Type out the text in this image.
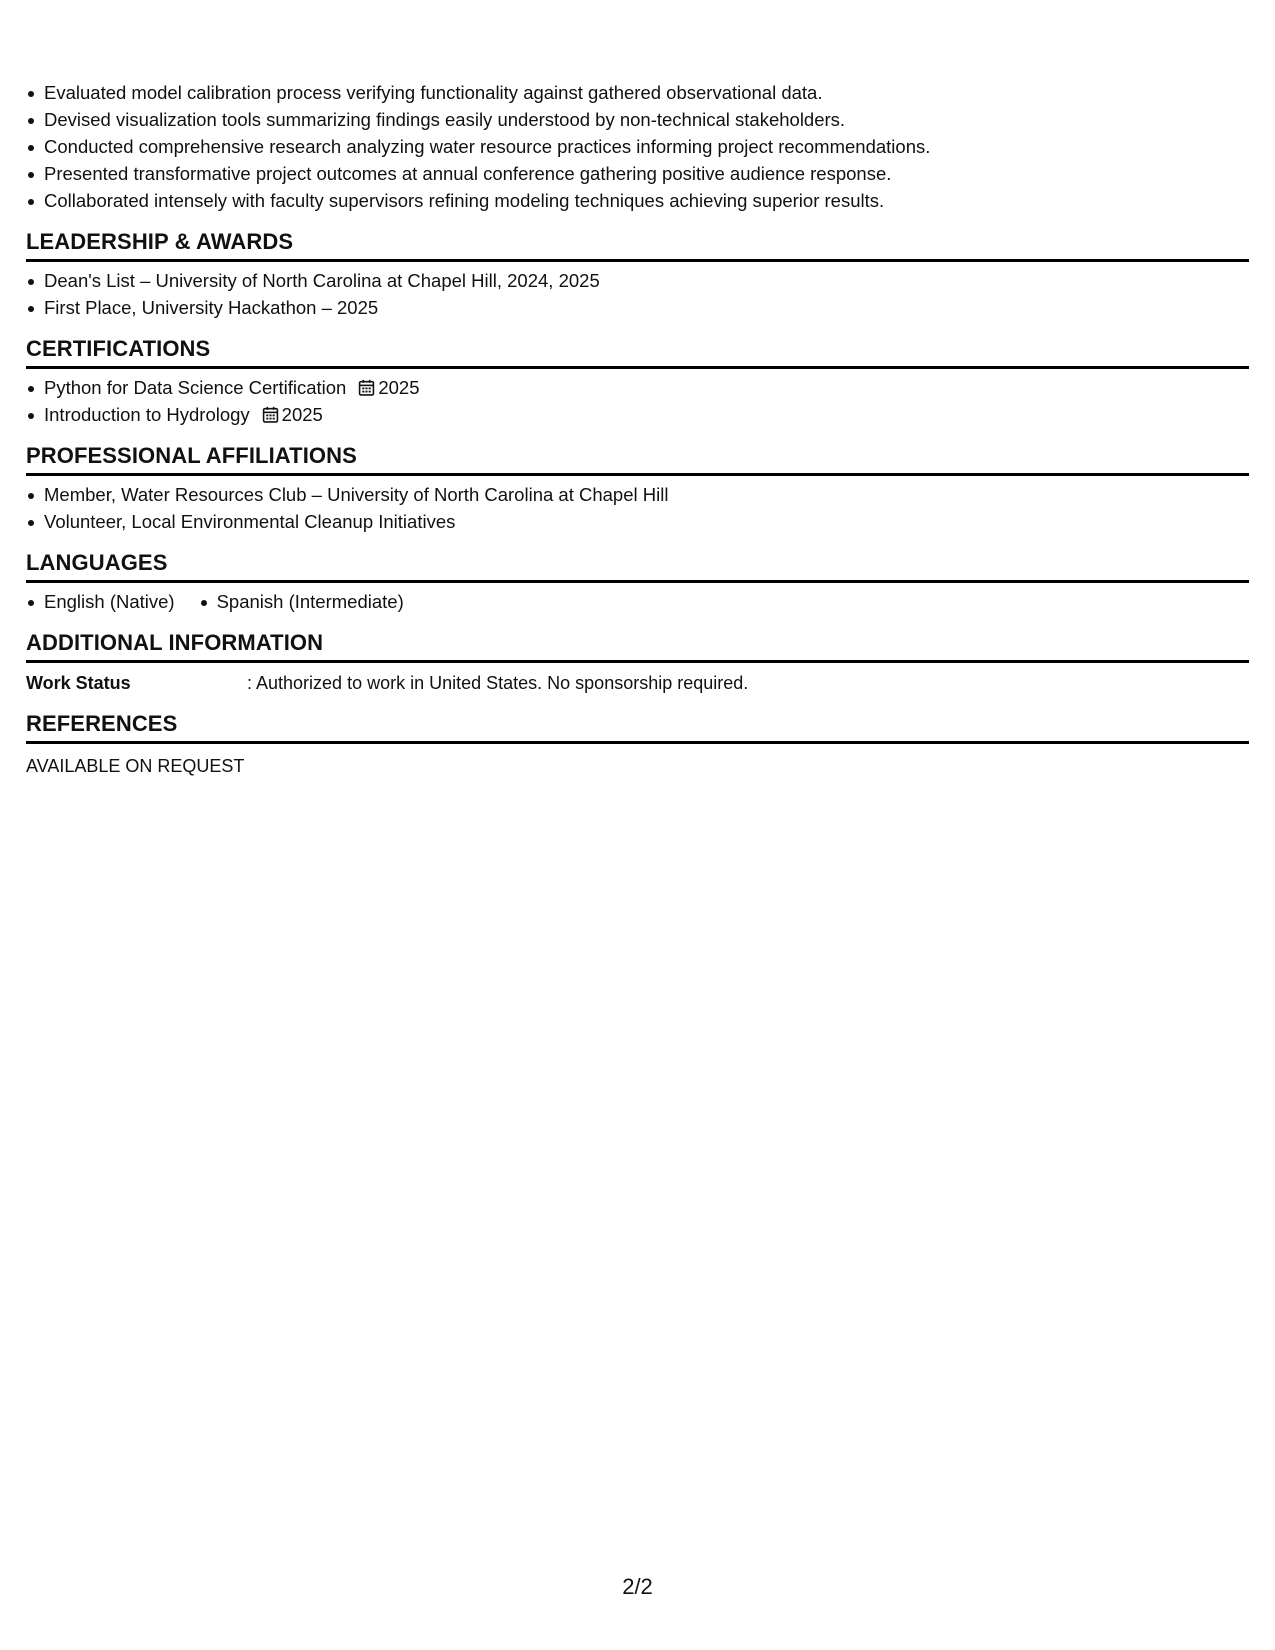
Evaluated model calibration process verifying functionality against gathered observational data.
Devised visualization tools summarizing findings easily understood by non-technical stakeholders.
Conducted comprehensive research analyzing water resource practices informing project recommendations.
Presented transformative project outcomes at annual conference gathering positive audience response.
Collaborated intensely with faculty supervisors refining modeling techniques achieving superior results.
LEADERSHIP & AWARDS
Dean's List – University of North Carolina at Chapel Hill, 2024, 2025
First Place, University Hackathon – 2025
CERTIFICATIONS
Python for Data Science Certification 2025
Introduction to Hydrology 2025
PROFESSIONAL AFFILIATIONS
Member, Water Resources Club – University of North Carolina at Chapel Hill
Volunteer, Local Environmental Cleanup Initiatives
LANGUAGES
English (Native)	Spanish (Intermediate)
ADDITIONAL INFORMATION
Work Status	: Authorized to work in United States. No sponsorship required.
REFERENCES
AVAILABLE ON REQUEST
2/2
